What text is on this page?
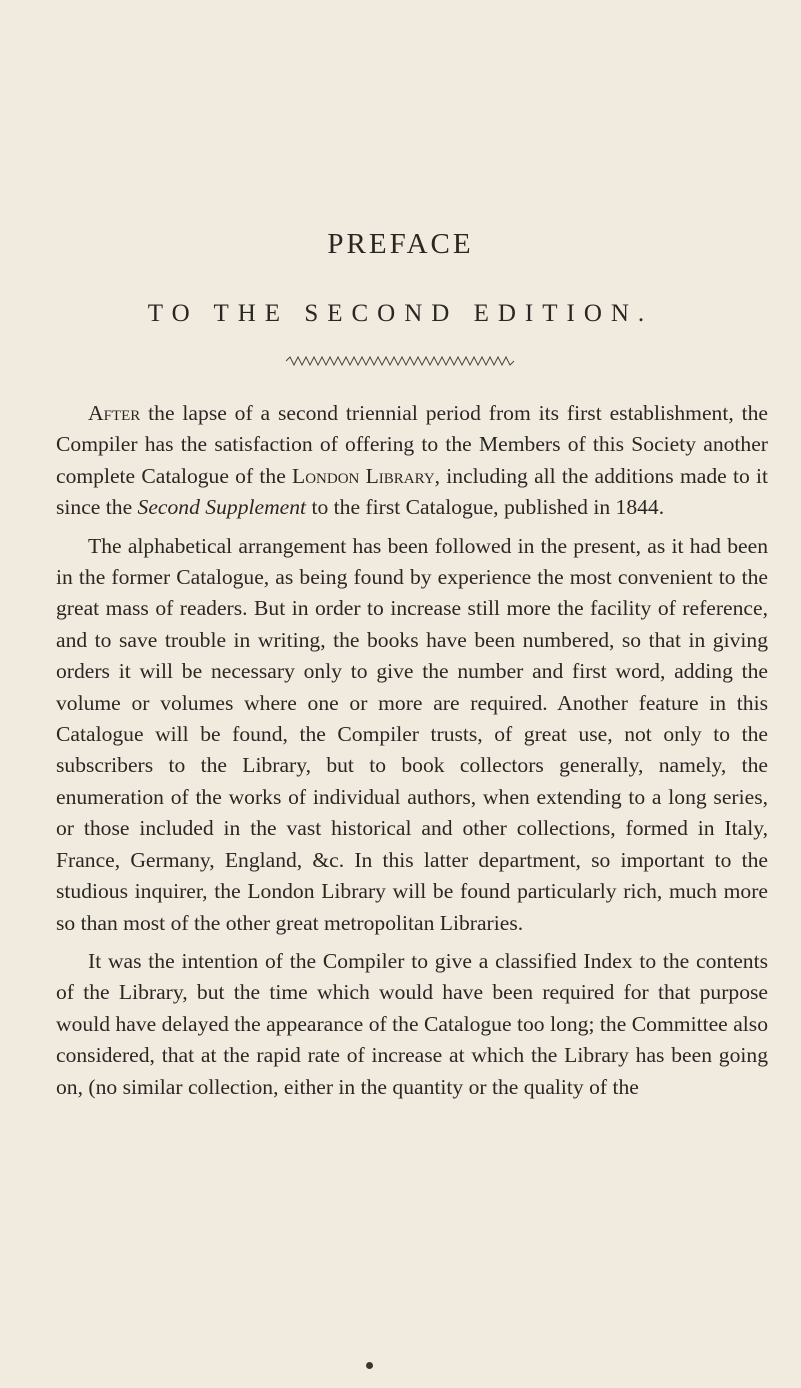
PREFACE
TO THE SECOND EDITION.

After the lapse of a second triennial period from its first establishment, the Compiler has the satisfaction of offering to the Members of this Society another complete Catalogue of the London Library, including all the additions made to it since the Second Supplement to the first Catalogue, published in 1844.

The alphabetical arrangement has been followed in the present, as it had been in the former Catalogue, as being found by experience the most convenient to the great mass of readers. But in order to increase still more the facility of reference, and to save trouble in writing, the books have been numbered, so that in giving orders it will be necessary only to give the number and first word, adding the volume or volumes where one or more are required. Another feature in this Catalogue will be found, the Compiler trusts, of great use, not only to the subscribers to the Library, but to book collectors generally, namely, the enumeration of the works of individual authors, when extending to a long series, or those included in the vast historical and other collections, formed in Italy, France, Germany, England, &c. In this latter department, so important to the studious inquirer, the London Library will be found particularly rich, much more so than most of the other great metropolitan Libraries.

It was the intention of the Compiler to give a classified Index to the contents of the Library, but the time which would have been required for that purpose would have delayed the appearance of the Catalogue too long; the Committee also considered, that at the rapid rate of increase at which the Library has been going on, (no similar collection, either in the quantity or the quality of the
